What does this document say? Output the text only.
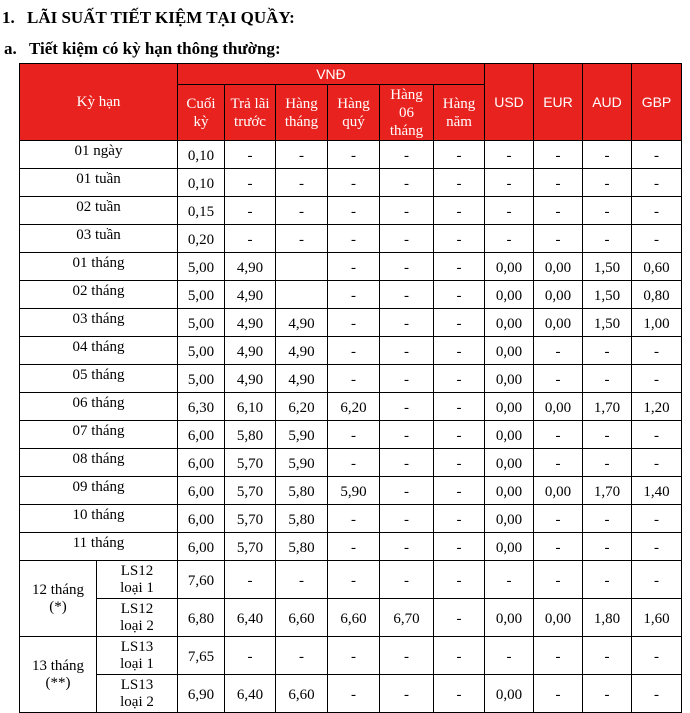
1. LÃI SUẤT TIẾT KIỆM TẠI QUẦY:
a. Tiết kiệm có kỳ hạn thông thường:
Kỳ hạn		VNĐ						USD	EUR	AUD	GBP
		Cuối kỳ	Trả lãi trước	Hàng tháng	Hàng quý	Hàng 06 tháng	Hàng năm				
01 ngày		0,10	-	-	-	-	-	-	-	-	-
01 tuần		0,10	-	-	-	-	-	-	-	-	-
02 tuần		0,15	-	-	-	-	-	-	-	-	-
03 tuần		0,20	-	-	-	-	-	-	-	-	-
01 tháng		5,00	4,90		-	-	-	0,00	0,00	1,50	0,60
02 tháng		5,00	4,90		-	-	-	0,00	0,00	1,50	0,80
03 tháng		5,00	4,90	4,90	-	-	-	0,00	0,00	1,50	1,00
04 tháng		5,00	4,90	4,90	-	-	-	0,00	-	-	-
05 tháng		5,00	4,90	4,90	-	-	-	0,00	-	-	-
06 tháng		6,30	6,10	6,20	6,20	-	-	0,00	0,00	1,70	1,20
07 tháng		6,00	5,80	5,90	-	-	-	0,00	-	-	-
08 tháng		6,00	5,70	5,90	-	-	-	0,00	-	-	-
09 tháng		6,00	5,70	5,80	5,90	-	-	0,00	0,00	1,70	1,40
10 tháng		6,00	5,70	5,80	-	-	-	0,00	-	-	-
11 tháng		6,00	5,70	5,80	-	-	-	0,00	-	-	-

12 tháng
(*)	LS12 loại 1	7,60	-	-	-	-	-	-	-	-	-
	LS12 loại 2	6,80	6,40	6,60	6,60	6,70	-	0,00	0,00	1,80	1,60

13 tháng
(**)	LS13 loại 1	7,65	-	-	-	-	-	-	-	-	-
	LS13 loại 2	6,90	6,40	6,60	-	-	-	0,00	-	-	-
